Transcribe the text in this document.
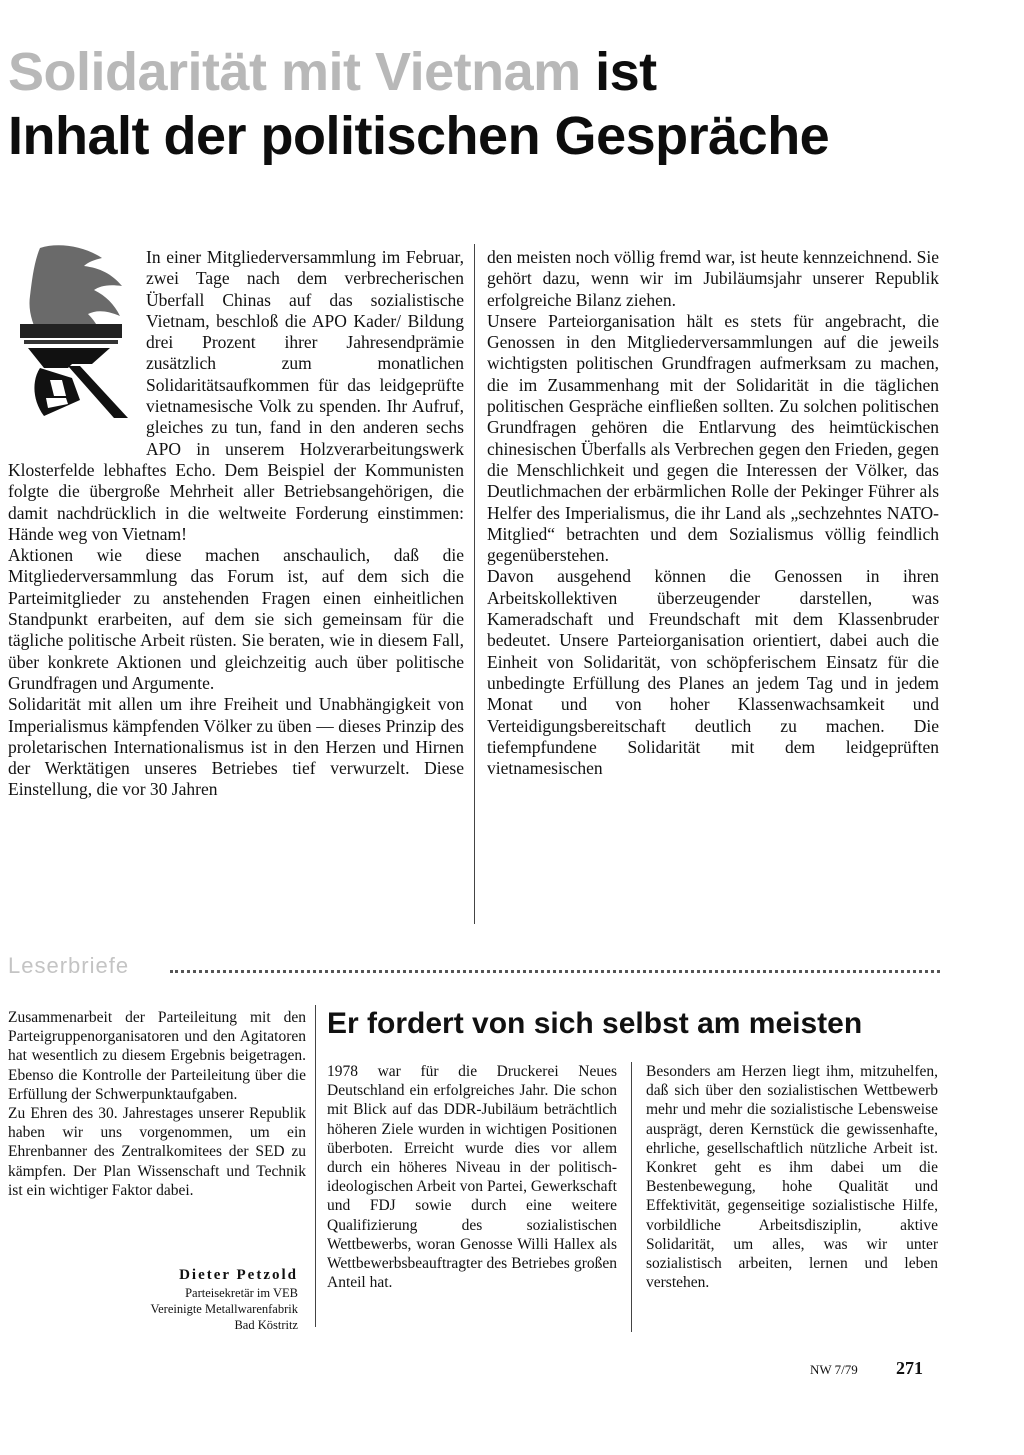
Solidarität mit Vietnam ist
Inhalt der politischen Gespräche

In einer Mitgliederversammlung im Februar, zwei Tage nach dem verbrecherischen Überfall Chinas auf das sozialistische Vietnam, beschloß die APO Kader/ Bildung drei Prozent ihrer Jahresendprämie zusätzlich zum monatlichen Solidaritätsaufkommen für das leidgeprüfte vietnamesische Volk zu spenden. Ihr Aufruf, gleiches zu tun, fand in den anderen sechs APO in unserem Holzverarbeitungswerk Klosterfelde lebhaftes Echo. Dem Beispiel der Kommunisten folgte die übergroße Mehrheit aller Betriebsangehörigen, die damit nachdrücklich in die weltweite Forderung einstimmen: Hände weg von Vietnam!

Aktionen wie diese machen anschaulich, daß die Mitgliederversammlung das Forum ist, auf dem sich die Parteimitglieder zu anstehenden Fragen einen einheitlichen Standpunkt erarbeiten, auf dem sie sich gemeinsam für die tägliche politische Arbeit rüsten. Sie beraten, wie in diesem Fall, über konkrete Aktionen und gleichzeitig auch über politische Grundfragen und Argumente.

Solidarität mit allen um ihre Freiheit und Unabhängigkeit von Imperialismus kämpfenden Völker zu üben — dieses Prinzip des proletarischen Internationalismus ist in den Herzen und Hirnen der Werktätigen unseres Betriebes tief verwurzelt. Diese Einstellung, die vor 30 Jahren

den meisten noch völlig fremd war, ist heute kennzeichnend. Sie gehört dazu, wenn wir im Jubiläumsjahr unserer Republik erfolgreiche Bilanz ziehen.

Unsere Parteiorganisation hält es stets für angebracht, die Genossen in den Mitgliederversammlungen auf die jeweils wichtigsten politischen Grundfragen aufmerksam zu machen, die im Zusammenhang mit der Solidarität in die täglichen politischen Gespräche einfließen sollten. Zu solchen politischen Grundfragen gehören die Entlarvung des heimtückischen chinesischen Überfalls als Verbrechen gegen den Frieden, gegen die Menschlichkeit und gegen die Interessen der Völker, das Deutlichmachen der erbärmlichen Rolle der Pekinger Führer als Helfer des Imperialismus, die ihr Land als „sechzehntes NATO-Mitglied“ betrachten und dem Sozialismus völlig feindlich gegenüberstehen.

Davon ausgehend können die Genossen in ihren Arbeitskollektiven überzeugender darstellen, was Kameradschaft und Freundschaft mit dem Klassenbruder bedeutet. Unsere Parteiorganisation orientiert, dabei auch die Einheit von Solidarität, von schöpferischem Einsatz für die unbedingte Erfüllung des Planes an jedem Tag und in jedem Monat und von hoher Klassenwachsamkeit und Verteidigungsbereitschaft deutlich zu machen. Die tiefempfundene Solidarität mit dem leidgeprüften vietnamesischen

Leserbriefe

Zusammenarbeit der Parteileitung mit den Parteigruppenorganisatoren und den Agitatoren hat wesentlich zu diesem Ergebnis beigetragen. Ebenso die Kontrolle der Parteileitung über die Erfüllung der Schwerpunktaufgaben.

Zu Ehren des 30. Jahrestages unserer Republik haben wir uns vorgenommen, um ein Ehrenbanner des Zentralkomitees der SED zu kämpfen. Der Plan Wissenschaft und Technik ist ein wichtiger Faktor dabei.

Dieter Petzold
Parteisekretär im VEB
Vereinigte Metallwarenfabrik
Bad Köstritz
Er fordert von sich selbst am meisten

1978 war für die Druckerei Neues Deutschland ein erfolgreiches Jahr. Die schon mit Blick auf das DDR-Jubiläum beträchtlich höheren Ziele wurden in wichtigen Positionen überboten. Erreicht wurde dies vor allem durch ein höheres Niveau in der politisch-ideologischen Arbeit von Partei, Gewerkschaft und FDJ sowie durch eine weitere Qualifizierung des sozialistischen Wettbewerbs, woran Genosse Willi Hallex als Wettbewerbsbeauftragter des Betriebes großen Anteil hat.

Besonders am Herzen liegt ihm, mitzuhelfen, daß sich über den sozialistischen Wettbewerb mehr und mehr die sozialistische Lebensweise ausprägt, deren Kernstück die gewissenhafte, ehrliche, gesellschaftlich nützliche Arbeit ist. Konkret geht es ihm dabei um die Bestenbewegung, hohe Qualität und Effektivität, gegenseitige sozialistische Hilfe, vorbildliche Arbeitsdisziplin, aktive Solidarität, um alles, was wir unter sozialistisch arbeiten, lernen und leben verstehen.

NW 7/79 271
